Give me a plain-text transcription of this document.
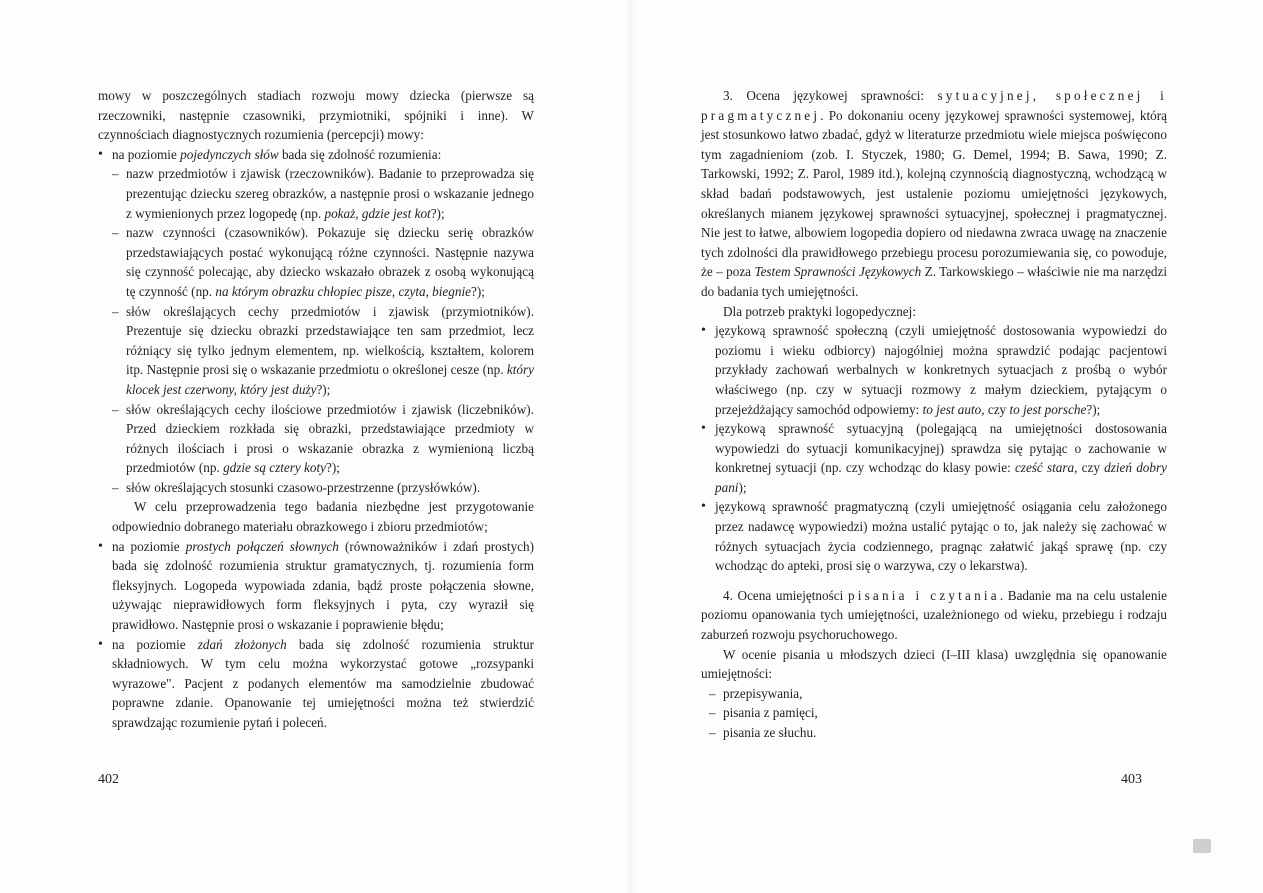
mowy w poszczególnych stadiach rozwoju mowy dziecka (pierwsze są rzeczowniki, następnie czasowniki, przymiotniki, spójniki i inne). W czynnościach diagnostycznych rozumienia (percepcji) mowy:

• na poziomie pojedynczych słów bada się zdolność rozumienia:
– nazw przedmiotów i zjawisk (rzeczowników). Badanie to przeprowadza się prezentując dziecku szereg obrazków, a następnie prosi o wskazanie jednego z wymienionych przez logopedę (np. pokaż, gdzie jest kot?);
– nazw czynności (czasowników). Pokazuje się dziecku serię obrazków przedstawiających postać wykonującą różne czynności. Następnie nazywa się czynność polecając, aby dziecko wskazało obrazek z osobą wykonującą tę czynność (np. na którym obrazku chłopiec pisze, czyta, biegnie?);
– słów określających cechy przedmiotów i zjawisk (przymiotników). Prezentuje się dziecku obrazki przedstawiające ten sam przedmiot, lecz różniący się tylko jednym elementem, np. wielkością, kształtem, kolorem itp. Następnie prosi się o wskazanie przedmiotu o określonej cesze (np. który klocek jest czerwony, który jest duży?);
– słów określających cechy ilościowe przedmiotów i zjawisk (liczebników). Przed dzieckiem rozkłada się obrazki, przedstawiające przedmioty w różnych ilościach i prosi o wskazanie obrazka z wymienioną liczbą przedmiotów (np. gdzie są cztery koty?);
– słów określających stosunki czasowo-przestrzenne (przysłówków).

W celu przeprowadzenia tego badania niezbędne jest przygotowanie odpowiednio dobranego materiału obrazkowego i zbioru przedmiotów;

• na poziomie prostych połączeń słownych (równoważników i zdań prostych) bada się zdolność rozumienia struktur gramatycznych, tj. rozumienia form fleksyjnych. Logopeda wypowiada zdania, bądź proste połączenia słowne, używając nieprawidłowych form fleksyjnych i pyta, czy wyraził się prawidłowo. Następnie prosi o wskazanie i poprawienie błędu;
• na poziomie zdań złożonych bada się zdolność rozumienia struktur składniowych. W tym celu można wykorzystać gotowe „rozsypanki wyrazowe". Pacjent z podanych elementów ma samodzielnie zbudować poprawne zdanie. Opanowanie tej umiejętności można też stwierdzić sprawdzając rozumienie pytań i poleceń.
402

3. Ocena językowej sprawności: sytuacyjnej, społecznej i pragmatycznej. Po dokonaniu oceny językowej sprawności systemowej, którą jest stosunkowo łatwo zbadać, gdyż w literaturze przedmiotu wiele miejsca poświęcono tym zagadnieniom (zob. I. Styczek, 1980; G. Demel, 1994; B. Sawa, 1990; Z. Tarkowski, 1992; Z. Parol, 1989 itd.), kolejną czynnością diagnostyczną, wchodzącą w skład badań podstawowych, jest ustalenie poziomu umiejętności językowych, określanych mianem językowej sprawności sytuacyjnej, społecznej i pragmatycznej. Nie jest to łatwe, albowiem logopedia dopiero od niedawna zwraca uwagę na znaczenie tych zdolności dla prawidłowego przebiegu procesu porozumiewania się, co powoduje, że – poza Testem Sprawności Językowych Z. Tarkowskiego – właściwie nie ma narzędzi do badania tych umiejętności.

Dla potrzeb praktyki logopedycznej:

• językową sprawność społeczną (czyli umiejętność dostosowania wypowiedzi do poziomu i wieku odbiorcy) najogólniej można sprawdzić podając pacjentowi przykłady zachowań werbalnych w konkretnych sytuacjach z prośbą o wybór właściwego (np. czy w sytuacji rozmowy z małym dzieckiem, pytającym o przejeżdżający samochód odpowiemy: to jest auto, czy to jest porsche?);
• językową sprawność sytuacyjną (polegającą na umiejętności dostosowania wypowiedzi do sytuacji komunikacyjnej) sprawdza się pytając o zachowanie w konkretnej sytuacji (np. czy wchodząc do klasy powie: cześć stara, czy dzień dobry pani);
• językową sprawność pragmatyczną (czyli umiejętność osiągania celu założonego przez nadawcę wypowiedzi) można ustalić pytając o to, jak należy się zachować w różnych sytuacjach życia codziennego, pragnąc załatwić jakąś sprawę (np. czy wchodząc do apteki, prosi się o warzywa, czy o lekarstwa).

4. Ocena umiejętności pisania i czytania. Badanie ma na celu ustalenie poziomu opanowania tych umiejętności, uzależnionego od wieku, przebiegu i rodzaju zaburzeń rozwoju psychoruchowego.

W ocenie pisania u młodszych dzieci (I–III klasa) uwzględnia się opanowanie umiejętności:

– przepisywania,
– pisania z pamięci,
– pisania ze słuchu.
403
